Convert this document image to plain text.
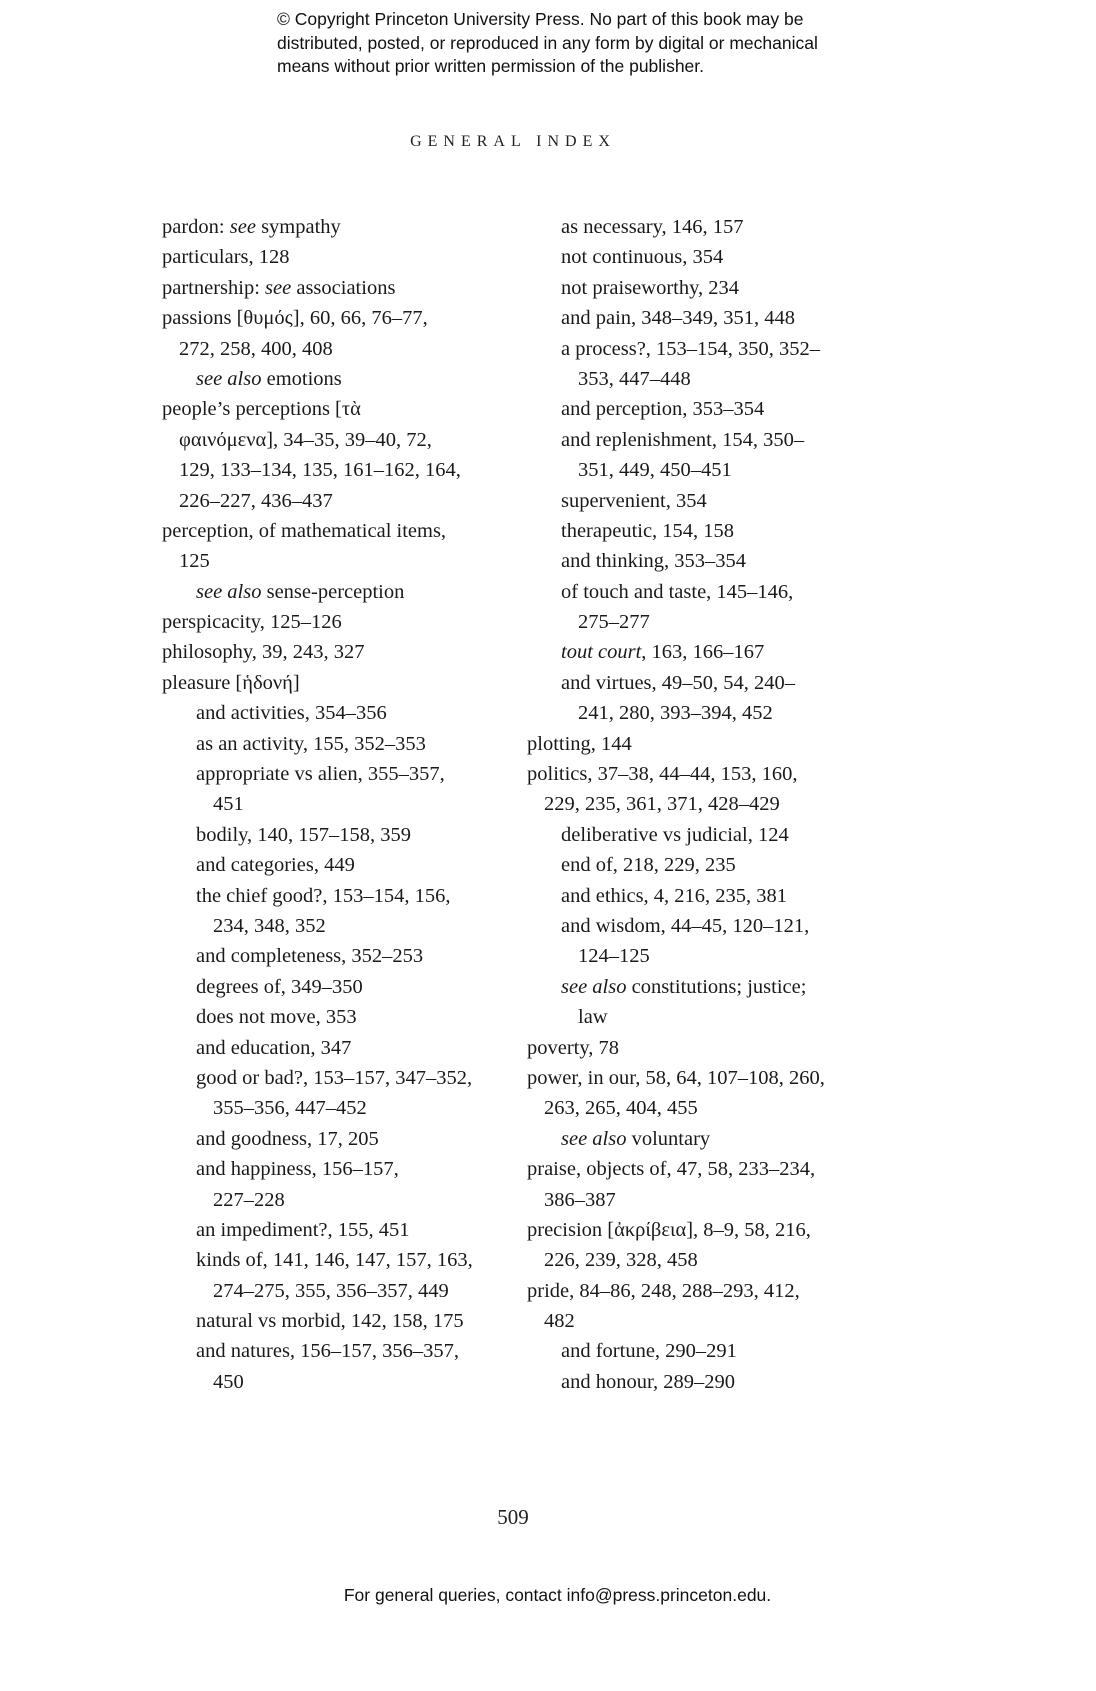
© Copyright Princeton University Press. No part of this book may be
distributed, posted, or reproduced in any form by digital or mechanical
means without prior written permission of the publisher.
GENERAL INDEX
pardon: see sympathy
particulars, 128
partnership: see associations
passions [θυμός], 60, 66, 76–77,
272, 258, 400, 408
see also emotions
people’s perceptions [τὰ
φαινόμενα], 34–35, 39–40, 72,
129, 133–134, 135, 161–162, 164,
226–227, 436–437
perception, of mathematical items,
125
see also sense-perception
perspicacity, 125–126
philosophy, 39, 243, 327
pleasure [ἡδονή]
and activities, 354–356
as an activity, 155, 352–353
appropriate vs alien, 355–357,
451
bodily, 140, 157–158, 359
and categories, 449
the chief good?, 153–154, 156,
234, 348, 352
and completeness, 352–253
degrees of, 349–350
does not move, 353
and education, 347
good or bad?, 153–157, 347–352,
355–356, 447–452
and goodness, 17, 205
and happiness, 156–157,
227–228
an impediment?, 155, 451
kinds of, 141, 146, 147, 157, 163,
274–275, 355, 356–357, 449
natural vs morbid, 142, 158, 175
and natures, 156–157, 356–357,
450
as necessary, 146, 157
not continuous, 354
not praiseworthy, 234
and pain, 348–349, 351, 448
a process?, 153–154, 350, 352–
353, 447–448
and perception, 353–354
and replenishment, 154, 350–
351, 449, 450–451
supervenient, 354
therapeutic, 154, 158
and thinking, 353–354
of touch and taste, 145–146,
275–277
tout court, 163, 166–167
and virtues, 49–50, 54, 240–
241, 280, 393–394, 452
plotting, 144
politics, 37–38, 44–44, 153, 160,
229, 235, 361, 371, 428–429
deliberative vs judicial, 124
end of, 218, 229, 235
and ethics, 4, 216, 235, 381
and wisdom, 44–45, 120–121,
124–125
see also constitutions; justice;
law
poverty, 78
power, in our, 58, 64, 107–108, 260,
263, 265, 404, 455
see also voluntary
praise, objects of, 47, 58, 233–234,
386–387
precision [ἀκρίβεια], 8–9, 58, 216,
226, 239, 328, 458
pride, 84–86, 248, 288–293, 412,
482
and fortune, 290–291
and honour, 289–290
509
For general queries, contact info@press.princeton.edu.
